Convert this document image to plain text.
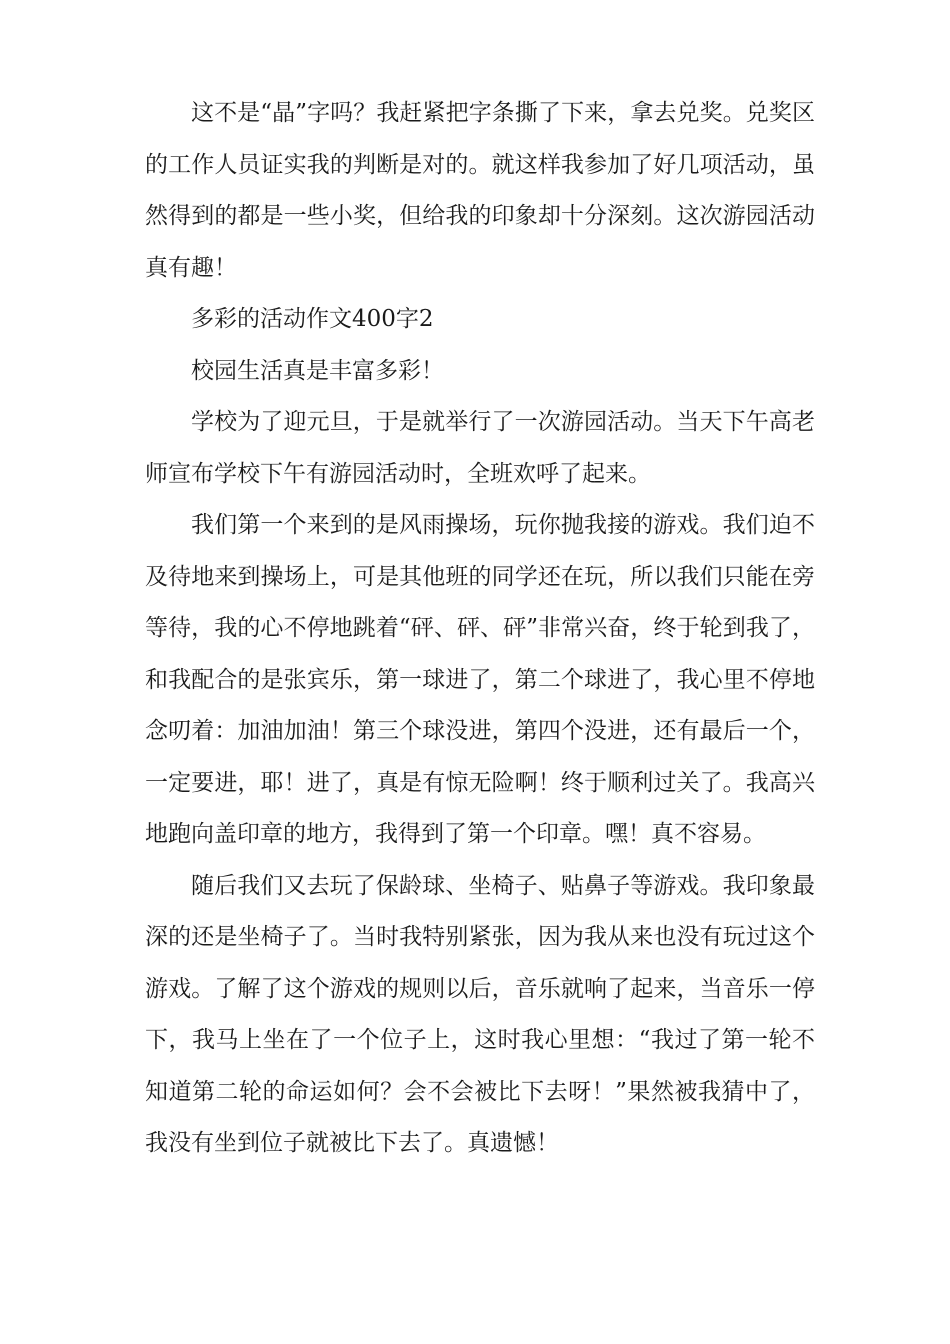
这不是“晶”字吗？我赶紧把字条撕了下来，拿去兑奖。兑奖区的工作人员证实我的判断是对的。就这样我参加了好几项活动，虽然得到的都是一些小奖，但给我的印象却十分深刻。这次游园活动真有趣！

多彩的活动作文400字2

校园生活真是丰富多彩！

学校为了迎元旦，于是就举行了一次游园活动。当天下午高老师宣布学校下午有游园活动时，全班欢呼了起来。

我们第一个来到的是风雨操场，玩你抛我接的游戏。我们迫不及待地来到操场上，可是其他班的同学还在玩，所以我们只能在旁等待，我的心不停地跳着“砰、砰、砰”非常兴奋，终于轮到我了，和我配合的是张宾乐，第一球进了，第二个球进了，我心里不停地念叨着：加油加油！第三个球没进，第四个没进，还有最后一个，一定要进，耶！进了，真是有惊无险啊！终于顺利过关了。我高兴地跑向盖印章的地方，我得到了第一个印章。嘿！真不容易。

随后我们又去玩了保龄球、坐椅子、贴鼻子等游戏。我印象最深的还是坐椅子了。当时我特别紧张，因为我从来也没有玩过这个游戏。了解了这个游戏的规则以后，音乐就响了起来，当音乐一停下，我马上坐在了一个位子上，这时我心里想：“我过了第一轮不知道第二轮的命运如何？会不会被比下去呀！”果然被我猜中了，我没有坐到位子就被比下去了。真遗憾！
